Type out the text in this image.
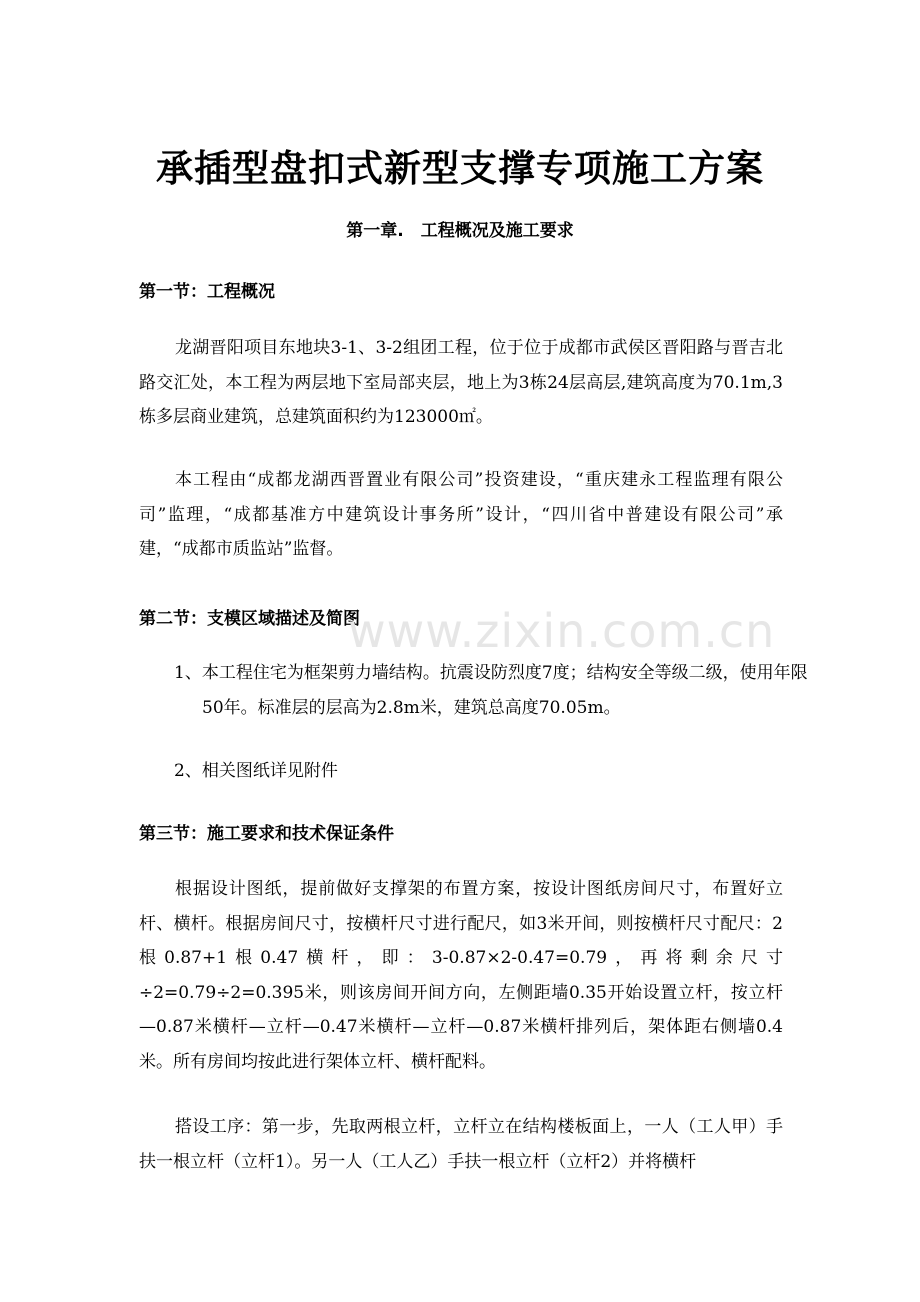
承插型盘扣式新型支撑专项施工方案
第一章.　工程概况及施工要求
第一节：工程概况
龙湖晋阳项目东地块3-1、3-2组团工程，位于位于成都市武侯区晋阳路与晋吉北路交汇处，本工程为两层地下室局部夹层，地上为3栋24层高层,建筑高度为70.1m,3栋多层商业建筑，总建筑面积约为123000㎡。
本工程由“成都龙湖西晋置业有限公司”投资建设，“重庆建永工程监理有限公司”监理，“成都基准方中建筑设计事务所”设计，“四川省中普建设有限公司”承建，“成都市质监站”监督。
第二节：支模区域描述及简图
1、本工程住宅为框架剪力墙结构。抗震设防烈度7度；结构安全等级二级，使用年限50年。标准层的层高为2.8m米，建筑总高度70.05m。
2、相关图纸详见附件
第三节：施工要求和技术保证条件
根据设计图纸，提前做好支撑架的布置方案，按设计图纸房间尺寸，布置好立杆、横杆。根据房间尺寸，按横杆尺寸进行配尺，如3米开间，则按横杆尺寸配尺：2根0.87+1根0.47横杆，即：3-0.87×2-0.47=0.79，再将剩余尺寸÷2=0.79÷2=0.395米，则该房间开间方向，左侧距墙0.35开始设置立杆，按立杆—0.87米横杆—立杆—0.47米横杆—立杆—0.87米横杆排列后，架体距右侧墙0.4米。所有房间均按此进行架体立杆、横杆配料。
搭设工序：第一步，先取两根立杆，立杆立在结构楼板面上，一人（工人甲）手扶一根立杆（立杆1）。另一人（工人乙）手扶一根立杆（立杆2）并将横杆
www.zixin.com.cn
